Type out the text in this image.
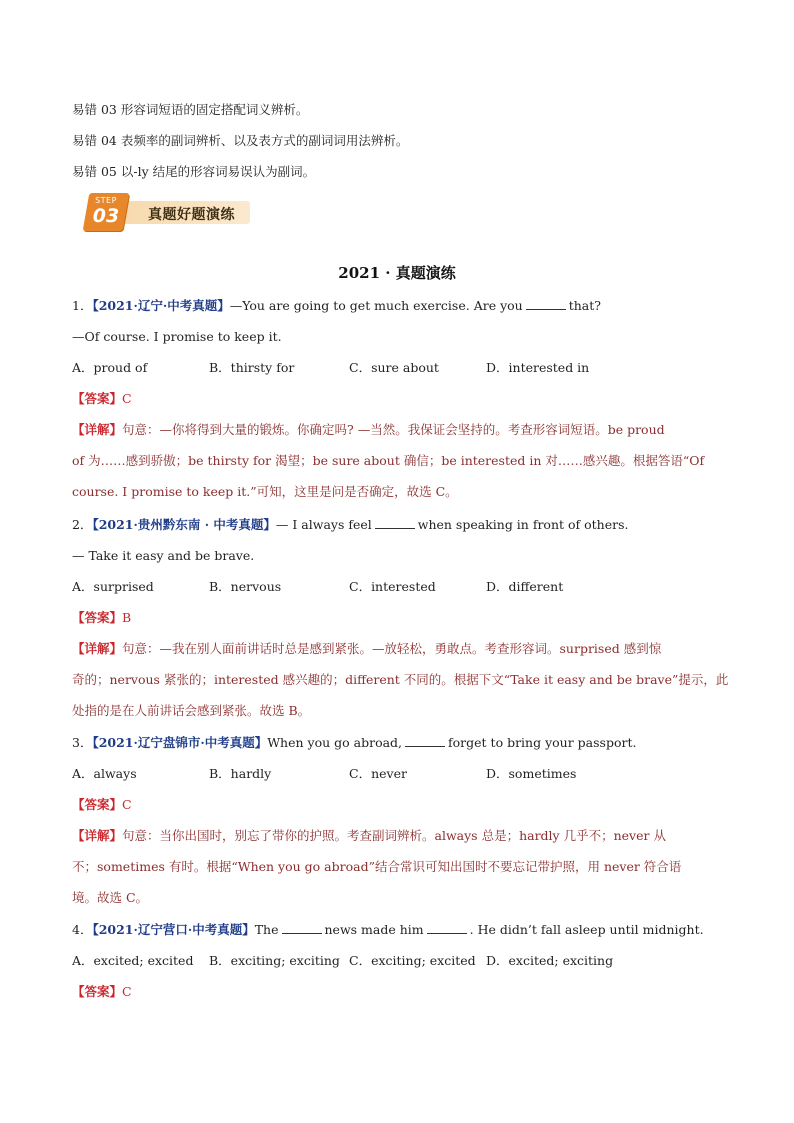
易错 03 形容词短语的固定搭配词义辨析。
易错 04 表频率的副词辨析、以及表方式的副词词用法辨析。
易错 05 以-ly 结尾的形容词易误认为副词。
真题好题演练
STEP
03
2021 · 真题演练
1．【2021·辽宁·中考真题】—You are going to get much exercise. Are you	that?
—Of course. I promise to keep it.
A．proud of	B．thirsty for	C．sure about	D．interested in
【答案】C
【详解】句意：—你将得到大量的锻炼。你确定吗? —当然。我保证会坚持的。考查形容词短语。be proud
of 为……感到骄傲；be thirsty for 渴望；be sure about 确信；be interested in 对……感兴趣。根据答语“Of
course. I promise to keep it.”可知，这里是问是否确定，故选 C。
2．【2021·贵州黔东南 · 中考真题】— I always feel	when speaking in front of others.
— Take it easy and be brave.
A．surprised	B．nervous	C．interested	D．different
【答案】B
【详解】句意：—我在别人面前讲话时总是感到紧张。—放轻松，勇敢点。考查形容词。surprised 感到惊
奇的；nervous 紧张的；interested 感兴趣的；different 不同的。根据下文“Take it easy and be brave”提示，此
处指的是在人前讲话会感到紧张。故选 B。
3．【2021·辽宁盘锦市·中考真题】When you go abroad,	forget to bring your passport.
A．always	B．hardly	C．never	D．sometimes
【答案】C
【详解】句意：当你出国时，别忘了带你的护照。考查副词辨析。always 总是；hardly 几乎不；never 从
不；sometimes 有时。根据“When you go abroad”结合常识可知出国时不要忘记带护照，用 never 符合语
境。故选 C。
4．【2021·辽宁营口·中考真题】The	news made him	. He didn’t fall asleep until midnight.
A．excited; excited B．exciting; exciting C．exciting; excited D．excited; exciting
【答案】C
